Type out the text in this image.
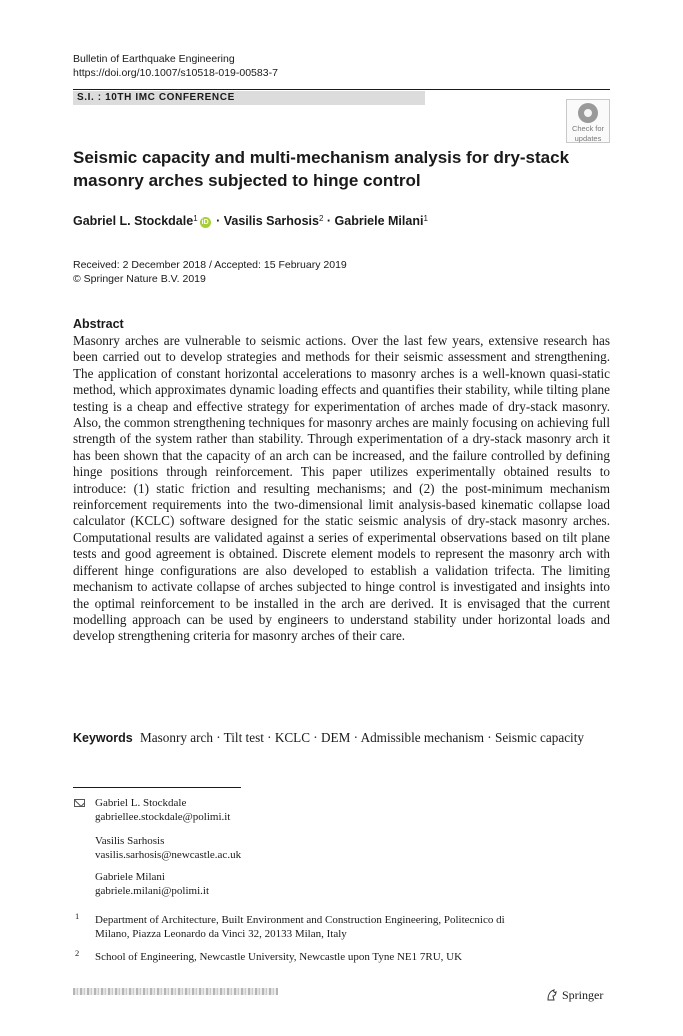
Bulletin of Earthquake Engineering
https://doi.org/10.1007/s10518-019-00583-7
S.I. : 10TH IMC CONFERENCE
Check for
updates
Seismic capacity and multi-mechanism analysis for dry-stack masonry arches subjected to hinge control
Gabriel L. Stockdale$^1$ iD · Vasilis Sarhosis$^2$ · Gabriele Milani$^1$
Received: 2 December 2018 / Accepted: 15 February 2019
© Springer Nature B.V. 2019
Abstract
Masonry arches are vulnerable to seismic actions. Over the last few years, extensive research has been carried out to develop strategies and methods for their seismic assessment and strengthening. The application of constant horizontal accelerations to masonry arches is a well-known quasi-static method, which approximates dynamic loading effects and quantifies their stability, while tilting plane testing is a cheap and effective strategy for experimentation of arches made of dry-stack masonry. Also, the common strengthening techniques for masonry arches are mainly focusing on achieving full strength of the system rather than stability. Through experimentation of a dry-stack masonry arch it has been shown that the capacity of an arch can be increased, and the failure controlled by defining hinge positions through reinforcement. This paper utilizes experimentally obtained results to introduce: (1) static friction and resulting mechanisms; and (2) the post-minimum mechanism reinforcement requirements into the two-dimensional limit analysis-based kinematic collapse load calculator (KCLC) software designed for the static seismic analysis of dry-stack masonry arches. Computational results are validated against a series of experimental observations based on tilt plane tests and good agreement is obtained. Discrete element models to represent the masonry arch with different hinge configurations are also developed to establish a validation trifecta. The limiting mechanism to activate collapse of arches subjected to hinge control is investigated and insights into the optimal reinforcement to be installed in the arch are derived. It is envisaged that the current modelling approach can be used by engineers to understand stability under horizontal loads and develop strengthening criteria for masonry arches of their care.
Keywords Masonry arch · Tilt test · KCLC · DEM · Admissible mechanism · Seismic capacity
Gabriel L. Stockdale
gabriellee.stockdale@polimi.it
Vasilis Sarhosis
vasilis.sarhosis@newcastle.ac.uk
Gabriele Milani
gabriele.milani@polimi.it
1 Department of Architecture, Built Environment and Construction Engineering, Politecnico di
Milano, Piazza Leonardo da Vinci 32, 20133 Milan, Italy
2 School of Engineering, Newcastle University, Newcastle upon Tyne NE1 7RU, UK
Springer
